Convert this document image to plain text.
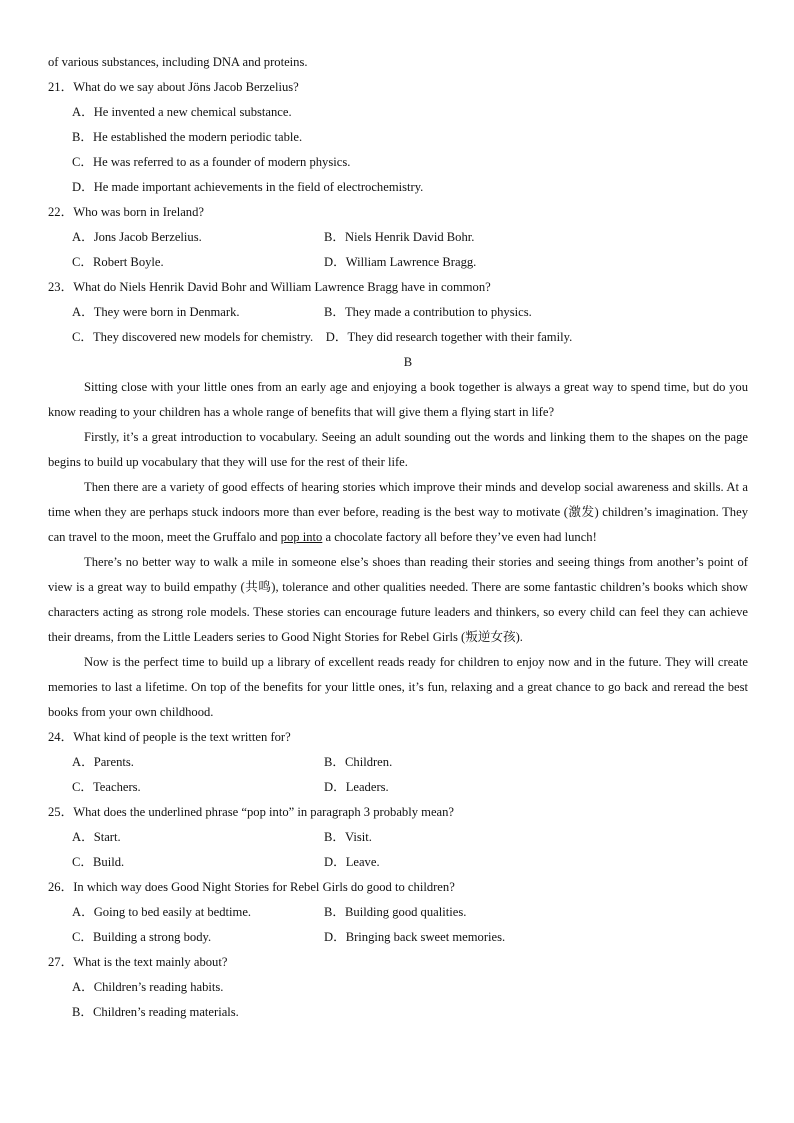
of various substances, including DNA and proteins.
21．What do we say about Jöns Jacob Berzelius?
A．He invented a new chemical substance.
B．He established the modern periodic table.
C．He was referred to as a founder of modern physics.
D．He made important achievements in the field of electrochemistry.
22．Who was born in Ireland?
A．Jons Jacob Berzelius.	B．Niels Henrik David Bohr.
C．Robert Boyle.	D．William Lawrence Bragg.
23．What do Niels Henrik David Bohr and William Lawrence Bragg have in common?
A．They were born in Denmark.	B．They made a contribution to physics.
C．They discovered new models for chemistry. D．They did research together with their family.
B

Sitting close with your little ones from an early age and enjoying a book together is always a great way to spend time, but do you know reading to your children has a whole range of benefits that will give them a flying start in life?

Firstly, it’s a great introduction to vocabulary. Seeing an adult sounding out the words and linking them to the shapes on the page begins to build up vocabulary that they will use for the rest of their life.

Then there are a variety of good effects of hearing stories which improve their minds and develop social awareness and skills. At a time when they are perhaps stuck indoors more than ever before, reading is the best way to motivate (激发) children’s imagination. They can travel to the moon, meet the Gruffalo and pop into a chocolate factory all before they’ve even had lunch!

There’s no better way to walk a mile in someone else’s shoes than reading their stories and seeing things from another’s point of view is a great way to build empathy (共鸣), tolerance and other qualities needed. There are some fantastic children’s books which show characters acting as strong role models. These stories can encourage future leaders and thinkers, so every child can feel they can achieve their dreams, from the Little Leaders series to Good Night Stories for Rebel Girls (叛逆女孩).

Now is the perfect time to build up a library of excellent reads ready for children to enjoy now and in the future. They will create memories to last a lifetime. On top of the benefits for your little ones, it’s fun, relaxing and a great chance to go back and reread the best books from your own childhood.

24．What kind of people is the text written for?
A．Parents.	B．Children.
C．Teachers.	D．Leaders.
25．What does the underlined phrase “pop into” in paragraph 3 probably mean?
A．Start.	B．Visit.
C．Build.	D．Leave.
26．In which way does Good Night Stories for Rebel Girls do good to children?
A．Going to bed easily at bedtime.	B．Building good qualities.
C．Building a strong body.	D．Bringing back sweet memories.
27．What is the text mainly about?
A．Children’s reading habits.
B．Children’s reading materials.
